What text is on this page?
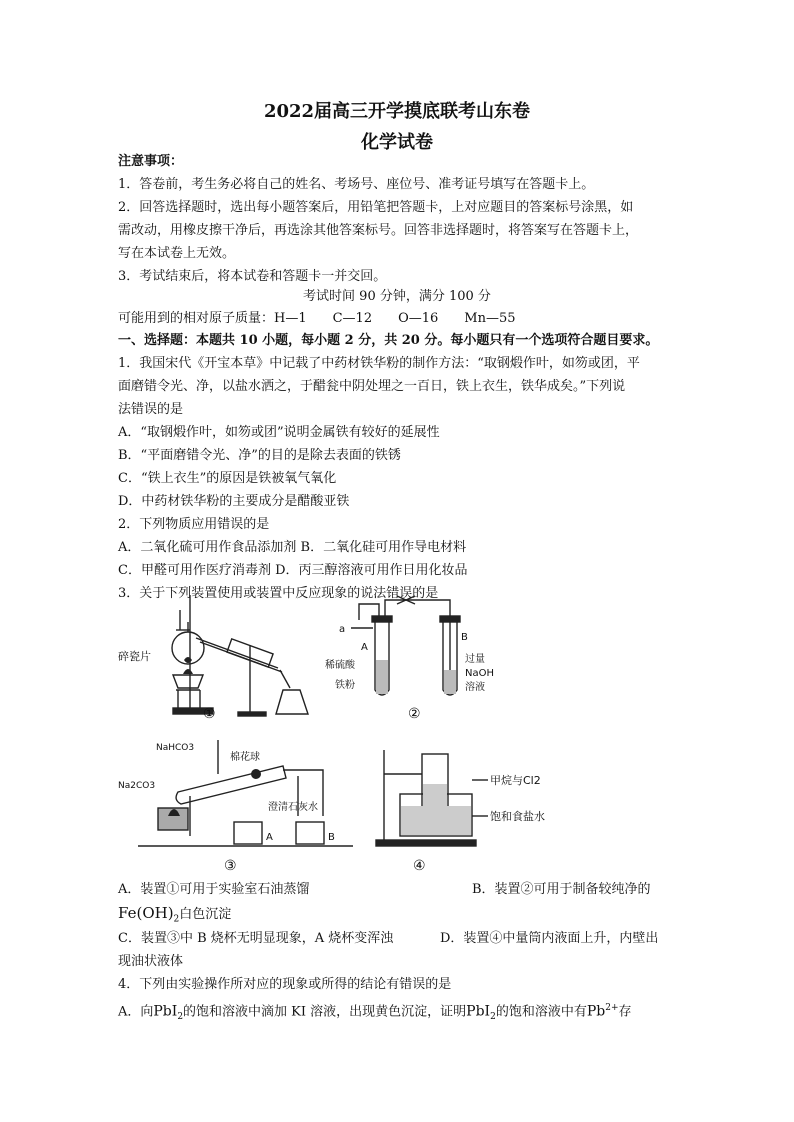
2022届高三开学摸底联考山东卷
化学试卷
注意事项：
1．答卷前，考生务必将自己的姓名、考场号、座位号、准考证号填写在答题卡上。
2．回答选择题时，选出每小题答案后，用铅笔把答题卡，上对应题目的答案标号涂黑，如
需改动，用橡皮擦干净后，再选涂其他答案标号。回答非选择题时，将答案写在答题卡上，
写在本试卷上无效。
3．考试结束后，将本试卷和答题卡一并交回。
考试时间 90 分钟，满分 100 分
可能用到的相对原子质量：H—1　　C—12　　O—16　　Mn—55
一、选择题：本题共 10 小题，每小题 2 分，共 20 分。每小题只有一个选项符合题目要求。
1．我国宋代《开宝本草》中记载了中药材铁华粉的制作方法：“取钢煅作叶，如笏或团，平
面磨错令光、净，以盐水洒之，于醋瓮中阴处埋之一百日，铁上衣生，铁华成矣。”下列说
法错误的是
A．“取钢煅作叶，如笏或团”说明金属铁有较好的延展性
B．“平面磨错令光、净”的目的是除去表面的铁锈
C．“铁上衣生”的原因是铁被氧气氧化
D．中药材铁华粉的主要成分是醋酸亚铁
2．下列物质应用错误的是
A．二氧化硫可用作食品添加剂 B．二氧化硅可用作导电材料
C．甲醛可用作医疗消毒剂 D．丙三醇溶液可用作日用化妆品
3．关于下列装置使用或装置中反应现象的说法错误的是
碎瓷片
①
a
A
B
稀硫酸
铁粉
过量
NaOH
溶液
②
NaHCO3
Na2CO3
棉花球
澄清石灰水
A	B
③
甲烷与Cl2
饱和食盐水
④
A．装置①可用于实验室石油蒸馏	B．装置②可用于制备较纯净的
$Fe(OH)_2$白色沉淀
C．装置③中 B 烧杯无明显现象，A 烧杯变浑浊	D．装置④中量筒内液面上升，内壁出
现油状液体
4．下列由实验操作所对应的现象或所得的结论有错误的是
A．向PbI$_2$的饱和溶液中滴加 KI 溶液，出现黄色沉淀，证明PbI$_2$的饱和溶液中有$Pb^{2+}$存
